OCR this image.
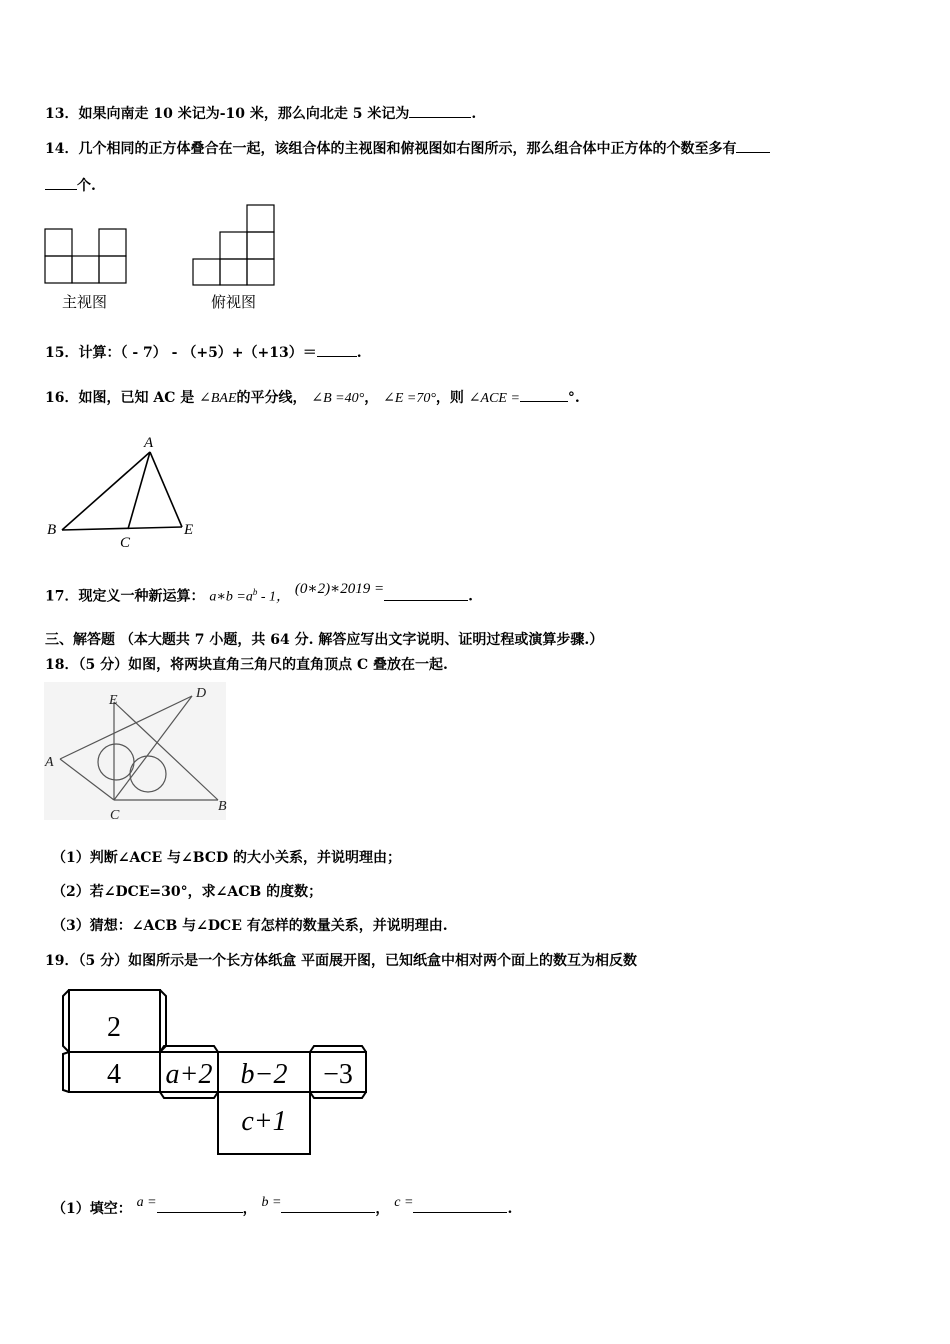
13．如果向南走 10 米记为-10 米，那么向北走 5 米记为	.
14．几个相同的正方体叠合在一起，该组合体的主视图和俯视图如右图所示，那么组合体中正方体的个数至多有
个.
主视图	俯视图
15．计算：（ - 7） - （+5）+（+13）＝	.
16．如图，已知 AC 是 ∠BAE的平分线， ∠B =40°， ∠E =70°，则 ∠ACE =	°.
A
B
C
E
17．现定义一种新运算： a∗b $=a^b - 1$， (0∗2)∗2019 =	.
三、解答题 （本大题共 7 小题，共 64 分. 解答应写出文字说明、证明过程或演算步骤.）
18．（5 分）如图，将两块直角三角尺的直角顶点 C 叠放在一起.
A
B
C
D
E
（1）判断∠ACE 与∠BCD 的大小关系，并说明理由；
（2）若∠DCE=30°，求∠ACB 的度数；
（3）猜想：∠ACB 与∠DCE 有怎样的数量关系，并说明理由.
19．（5 分）如图所示是一个长方体纸盒 平面展开图，已知纸盒中相对两个面上的数互为相反数
2
4 a+2 b−2 −3
c+1
（1）填空： a =	， b =	， c =	.
